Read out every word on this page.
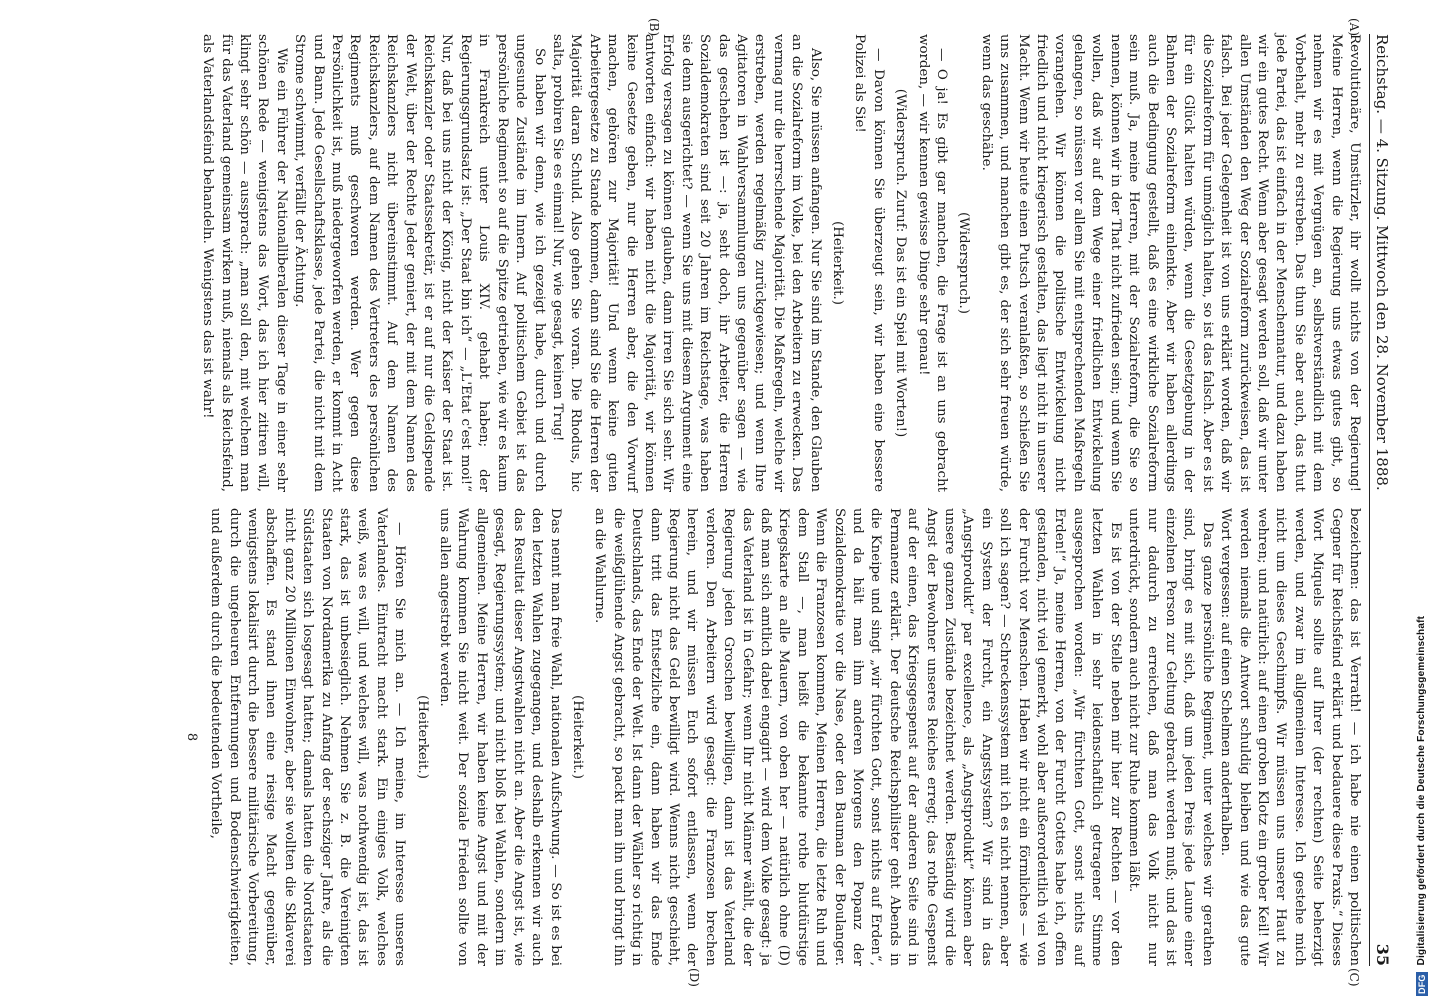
Reichstag. — 4. Sitzung. Mittwoch den 28. November 1888.
35
(A)
(B)

Revolutionäre, Umstürzler, ihr wollt nichts von der Regierung! Meine Herren, wenn die Regierung uns etwas gutes gibt, so nehmen wir es mit Vergnügen an, selbstverständlich mit dem Vorbehalt, mehr zu erstreben. Das thun Sie aber auch, das thut jede Partei, das ist einfach in der Menschennatur, und dazu haben wir ein gutes Recht. Wenn aber gesagt werden soll, daß wir unter allen Umständen den Weg der Sozialreform zurückweisen, das ist falsch. Bei jeder Gelegenheit ist von uns erklärt worden, daß wir die Sozialreform für unmöglich halten, so ist das falsch. Aber es ist für ein Glück halten würden, wenn die Gesetzgebung in der Bahnen der Sozialreform einlenkte. Aber wir haben allerdings auch die Bedingung gestellt, daß es eine wirkliche Sozialreform sein muß. Ja, meine Herren, mit der Sozialreform, die Sie so nennen, können wir in der That nicht zufrieden sein; und wenn Sie wollen, daß wir auf dem Wege einer friedlichen Entwickelung gelangen, so müssen vor allem Sie mit entsprechenden Maßregeln vorangehen. Wir können die politische Entwickelung nicht friedlich und nicht kriegerisch gestalten, das liegt nicht in unserer Macht. Wenn wir heute einen Putsch veranlaßten, so schießen Sie uns zusammen, und manchen gibt es, der sich sehr freuen würde, wenn das geschähe.

(Widerspruch.)

— O ja! Es gibt gar manchen, die Frage ist an uns gebracht worden, — wir kennen gewisse Dinge sehr genau!

(Widerspruch. Zuruf: Das ist ein Spiel mit Worten!)

— Davon können Sie überzeugt sein, wir haben eine bessere Polizei als Sie!

(Heiterkeit.)

Also, Sie müssen anfangen. Nur Sie sind im Stande, den Glauben an die Sozialreform im Volke, bei den Arbeitern zu erwecken. Das vermag nur die herrschende Majorität. Die Maßregeln, welche wir erstreben, werden regelmäßig zurückgewiesen; und wenn Ihre Agitatoren in Wahlversammlungen uns gegenüber sagen — wie das geschehen ist —: ja, seht doch, ihr Arbeiter, die Herren Sozialdemokraten sind seit 20 Jahren im Reichstage, was haben sie denn ausgerichtet? — wenn Sie uns mit diesem Argument eine Erfolg versagen zu können glauben, dann irren Sie sich sehr. Wir antworten einfach: wir haben nicht die Majorität, wir können keine Gesetze geben, nur die Herren aber, die den Vorwurf machen, gehören zur Majorität! Und wenn keine guten Arbeitergesetze zu Stande kommen, dann sind Sie die Herren der Majorität daran Schuld. Also gehen Sie voran. Die Rhodus, hic salta, probiren Sie es einmal! Nur, wie gesagt, keinen Trug!

So haben wir denn, wie ich gezeigt habe, durch und durch ungesunde Zustände im Innern. Auf politischem Gebiet ist das persönliche Regiment so auf die Spitze getrieben, wie wir es kaum in Frankreich unter Louis XIV. gehabt haben; der Regierungsgrundsatz ist: „Der Staat bin ich“ — „L'Etat c'est moi!“ Nur, daß bei uns nicht der König, nicht der Kaiser der Staat ist. Reichskanzler oder Staatssekretär, ist er auf nur die Geldspende der Welt, über der Rechte Jeder geniert, der mit dem Namen des Reichskanzlers nicht übereinstimmt. Auf dem Namen des Reichskanzlers, auf dem Namen des Vertreters des persönlichen Regiments muß geschworen werden. Wer gegen diese Persönlichkeit ist, muß niedergeworfen werden, er kommt in Acht und Bann. Jede Gesellschaftsklasse, jede Partei, die nicht mit dem Strome schwimmt, verfällt der Ächtung.

Wie ein Führer der Nationalliberalen dieser Tage in einer sehr schönen Rede — wenigstens das Wort, das ich hier zitiren will, klingt sehr schön — aussprach: „man soll den, mit welchem man für das Vaterland gemeinsam wirken muß, niemals als Reichsfeind, als Vaterlandsfeind behandeln. Wenigstens das ist wahr!

(C)
(D)

bezeichnen: das ist Verrath! — ich habe nie einen politischen Gegner für Reichsfeind erklärt und bedauere diese Praxis.“ Dieses Wort Miquels sollte auf Ihrer (der rechten) Seite beherzigt werden, und zwar im allgemeinen Interesse. Ich gestehe mich nicht um dieses Geschimpfs. Wir müssen uns unserer Haut zu wehren; und natürlich: auf einen groben Klotz ein grober Keil! Wir werden niemals die Antwort schuldig bleiben und wie das gute Wort vergessen: auf einen Schelmen anderthalben.

Das ganze persönliche Regiment, unter welches wir gerathen sind, bringt es mit sich, daß um jeden Preis jede Laune einer einzelnen Person zur Geltung gebracht werden muß; und das ist nur dadurch zu erreichen, daß man das Volk nicht nur unterdrückt, sondern auch nicht zur Ruhe kommen läßt.

Es ist von der Stelle neben mir hier zur Rechten — vor den letzten Wahlen in sehr leidenschaftlich getragener Stimme ausgesprochen worden: „Wir fürchten Gott, sonst nichts auf Erden!“ Ja, meine Herren, von der Furcht Gottes habe ich, offen gestanden, nicht viel gemerkt, wohl aber außerordentlich viel von der Furcht vor Menschen. Haben wir nicht ein förmliches — wie soll ich sagen? — Schreckenssystem mit ich es nicht nennen, aber ein System der Furcht, ein Angstsystem? Wir sind in das „Angstprodukt“ par excellence, als „Angstprodukt“ können aber unsere ganzen Zustände bezeichnet werden. Beständig wird die Angst der Bewohner unseres Reiches erregt; das rothe Gespenst auf der einen, das Kriegsgespenst auf der anderen Seite sind in Permanenz erklärt. Der deutsche Reichsphilister geht Abends in die Kneipe und singt „wir fürchten Gott, sonst nichts auf Erden“, und da hält man ihm anderen Morgens den Popanz der Sozialdemokratie vor die Nase, oder den Bauman der Boulanger. Wenn die Franzosen kommen, Meinen Herren, die letzte Ruh und dem Stall —, man heißt die bekannte rothe blutdürstige Kriegskarte an alle Mauern, von oben her — natürlich ohne (D) daß man sich amtlich dabei engagirt — wird dem Volke gesagt: ja das Vaterland ist in Gefahr; wenn Ihr nicht Männer wählt, die der Regierung jeden Groschen bewilligen, dann ist das Vaterland verloren. Den Arbeitern wird gesagt: die Franzosen brechen herein, und wir müssen Euch sofort entlassen, wenn der Regierung nicht das Geld bewilligt wird. Wenns nicht geschieht, dann tritt das Entsetzliche ein, dann haben wir das Ende Deutschlands, das Ende der Welt. Ist dann der Wähler so richtig in die weißglühende Angst gebracht, so packt man ihn und bringt ihn an die Wahlurne.

(Heiterkeit.)

Das nennt man freie Wahl, nationalen Aufschwung. — So ist es bei den letzten Wahlen zugegangen, und deshalb erkennen wir auch das Resultat dieser Angstwahlen nicht an. Aber die Angst ist, wie gesagt, Regierungssystem; und nicht bloß bei Wahlen, sondern im allgemeinen. Meine Herren, wir haben keine Angst und mit der Wahrung kommen Sie nicht weit. Der soziale Frieden sollte von uns allen angestrebt werden.

(Heiterkeit.)

— Hören Sie mich an. — Ich meine, im Interesse unseres Vaterlandes. Eintracht macht stark. Ein einiges Volk, welches weiß, was es will, und welches will, was nothwendig ist, das ist stark, das ist unbesieglich. Nehmen Sie z. B. die Vereinigten Staaten von Nordamerika zu Anfang der sechsziger Jahre, als die Südstaaten sich losgesagt hatten; damals hatten die Nordstaaten nicht ganz 20 Millionen Einwohner, aber sie wollten die Sklaverei abschaffen. Es stand ihnen eine riesige Macht gegenüber, wenigstens lokalisirt durch die bessere militärische Vorbereitung, durch die ungeheuren Entfernungen und Bodenschwierigkeiten, und außerdem durch die bedeutenden Vortheile,

8
DFG Digitalisierung gefördert durch die Deutsche Forschungsgemeinschaft
